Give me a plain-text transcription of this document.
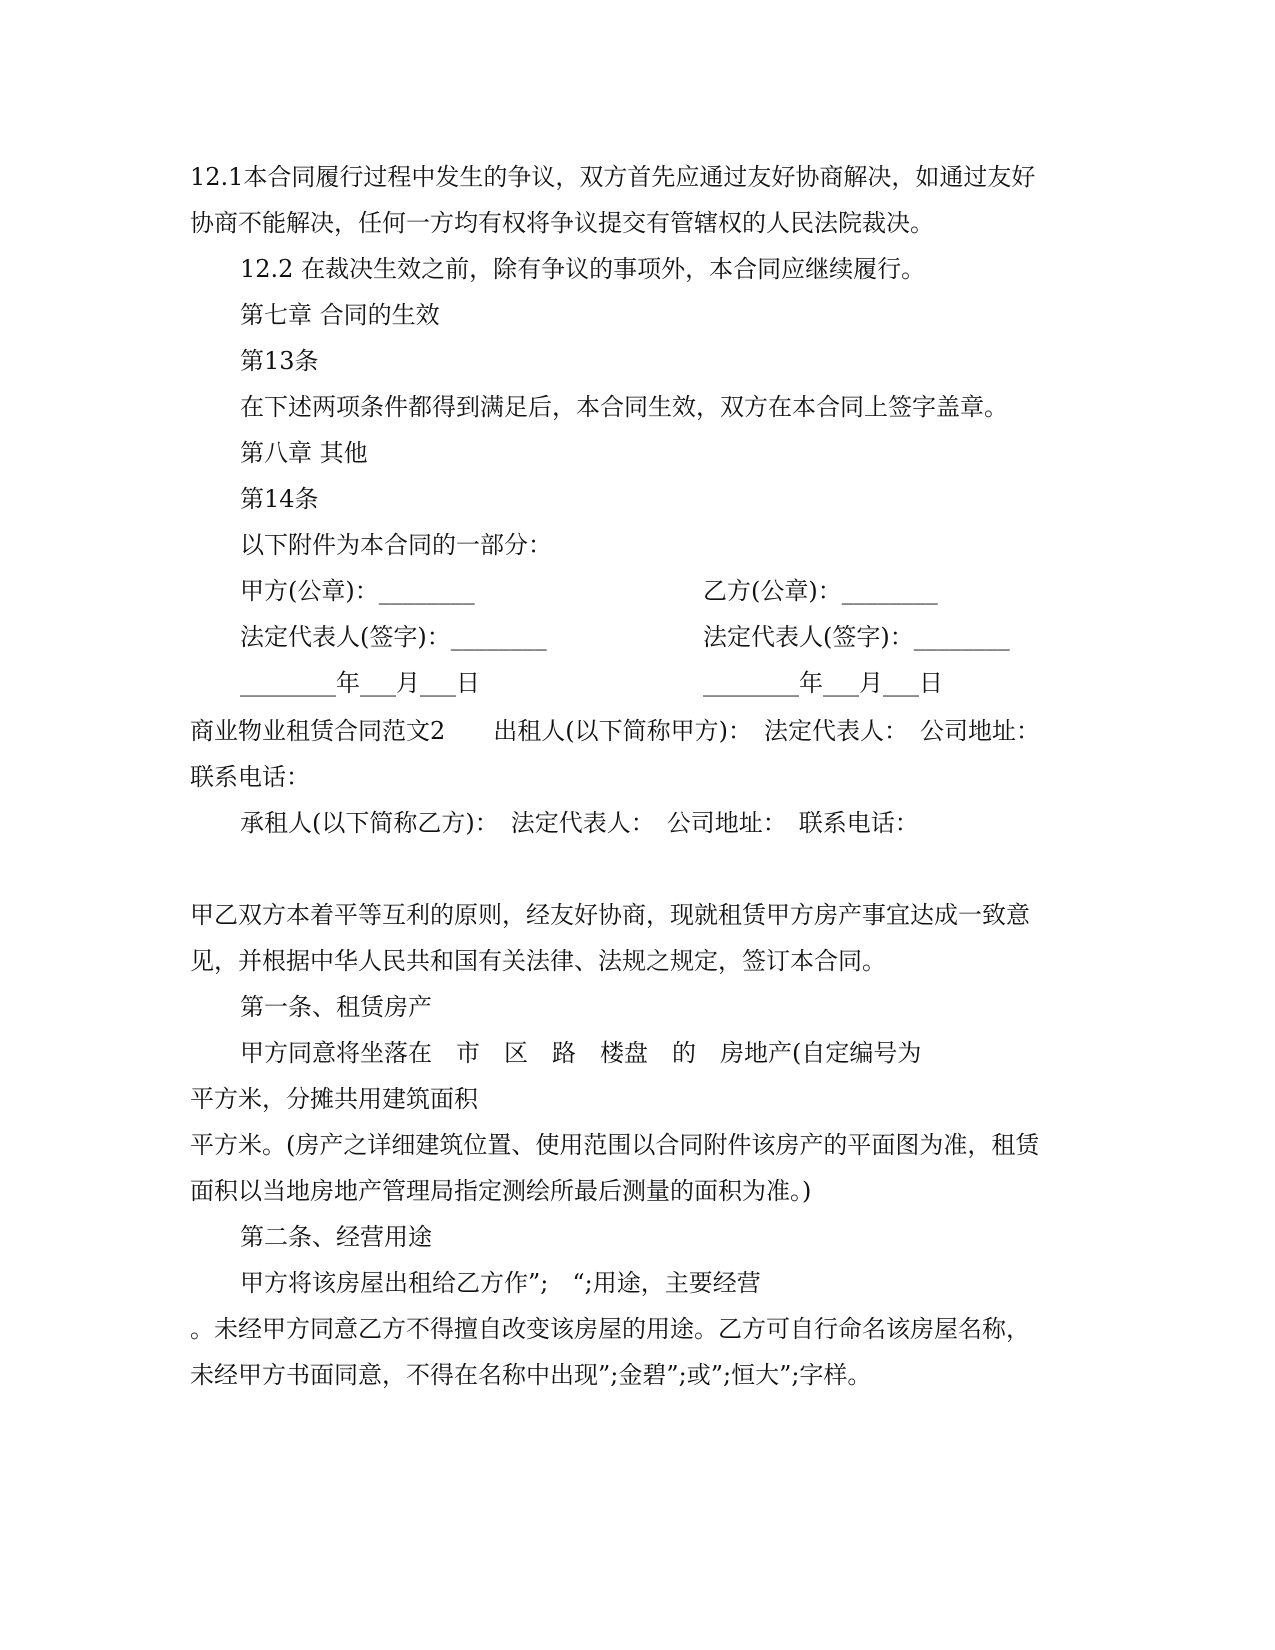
12.1本合同履行过程中发生的争议，双方首先应通过友好协商解决，如通过友好
协商不能解决，任何一方均有权将争议提交有管辖权的人民法院裁决。
12.2 在裁决生效之前，除有争议的事项外，本合同应继续履行。
第七章 合同的生效
第13条
在下述两项条件都得到满足后，本合同生效，双方在本合同上签字盖章。
第八章 其他
第14条
以下附件为本合同的一部分：
甲方(公章)：________	乙方(公章)：________
法定代表人(签字)：________	法定代表人(签字)：________
________年___月___日	________年___月___日
商业物业租赁合同范文2　　出租人(以下简称甲方)：　法定代表人：　公司地址：
联系电话：
承租人(以下简称乙方)：　法定代表人：　公司地址：　联系电话：
甲乙双方本着平等互利的原则，经友好协商，现就租赁甲方房产事宜达成一致意
见，并根据中华人民共和国有关法律、法规之规定，签订本合同。
第一条、租赁房产
甲方同意将坐落在　市　区　路　楼盘　的　房地产(自定编号为
平方米，分摊共用建筑面积
平方米。(房产之详细建筑位置、使用范围以合同附件该房产的平面图为准，租赁
面积以当地房地产管理局指定测绘所最后测量的面积为准。)
第二条、经营用途
甲方将该房屋出租给乙方作”;　“;用途，主要经营
。未经甲方同意乙方不得擅自改变该房屋的用途。乙方可自行命名该房屋名称，
未经甲方书面同意，不得在名称中出现”;金碧”;或”;恒大”;字样。
